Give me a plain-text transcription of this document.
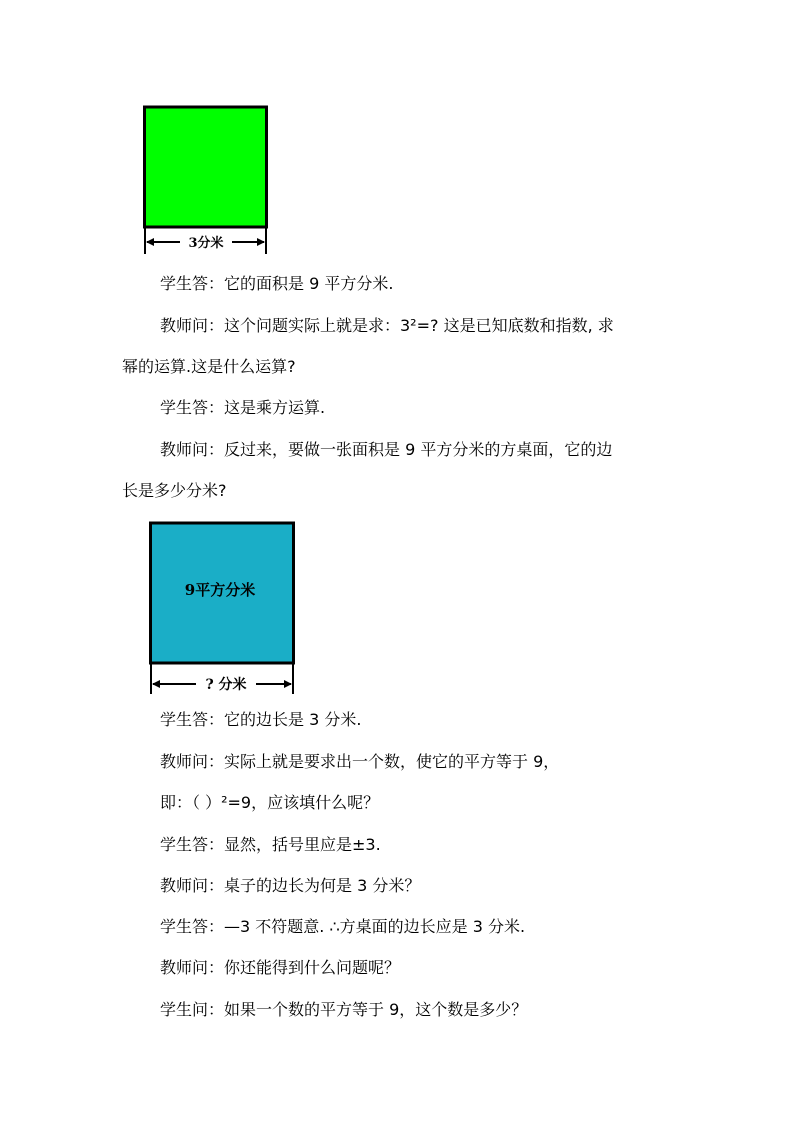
3分米
9平方分米
? 分米
学生答：它的面积是 9 平方分米.
教师问：这个问题实际上就是求：3²=? 这是已知底数和指数, 求
幂的运算.这是什么运算?
学生答：这是乘方运算.
教师问：反过来，要做一张面积是 9 平方分米的方桌面，它的边
长是多少分米?
学生答：它的边长是 3 分米.
教师问：实际上就是要求出一个数，使它的平方等于 9，
即：（ ）²=9，应该填什么呢？
学生答：显然，括号里应是±3.
教师问：桌子的边长为何是 3 分米？
学生答：—3 不符题意. ∴方桌面的边长应是 3 分米.
教师问：你还能得到什么问题呢？
学生问：如果一个数的平方等于 9，这个数是多少？
